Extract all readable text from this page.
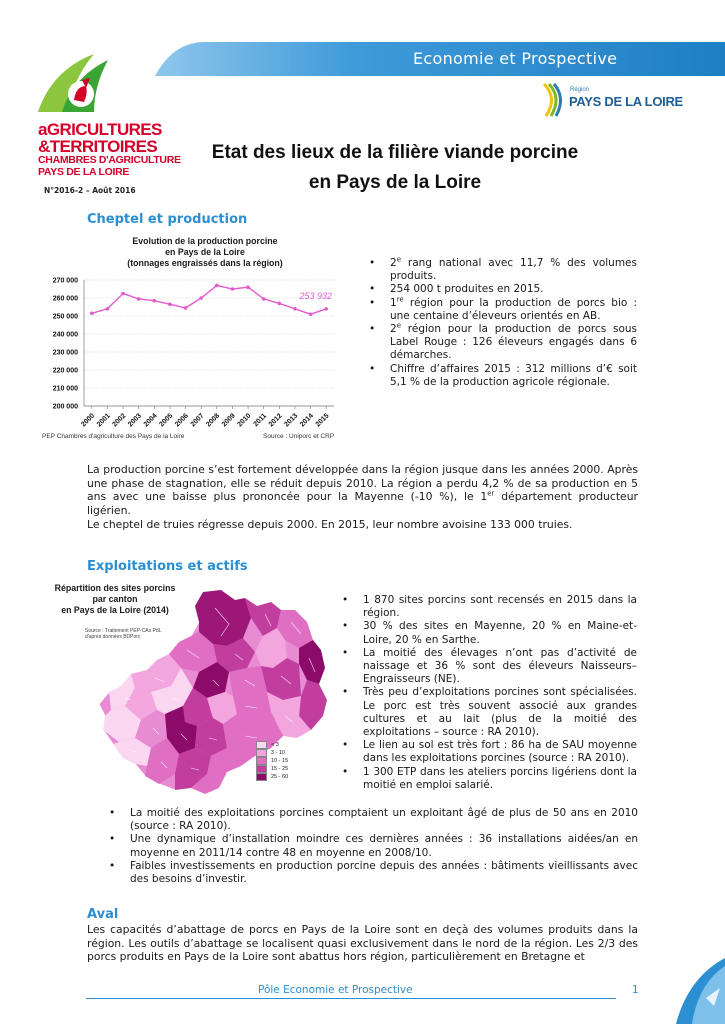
Economie et Prospective
aGRICULTURES
&TERRITOIRES
CHAMBRES D'AGRICULTURE
PAYS DE LA LOIRE
N°2016-2 – Août 2016
Région
PAYS DE LA LOIRE
Etat des lieux de la filière viande porcine
en Pays de la Loire
Cheptel et production
Evolution de la production porcine
en Pays de la Loire
(tonnages engraissés dans la région)
270 000
260 000
250 000
240 000
230 000
220 000
210 000
200 000
2000 2001 2002 2003 2004 2005 2006 2007 2008 2009 2010 2011 2012 2013 2014 2015
253 932
PEP Chambres d'agriculture des Pays de la Loire	Source : Uniporc et CRP
• 2e rang national avec 11,7 % des volumes produits.
• 254 000 t produites en 2015.
• 1re région pour la production de porcs bio : une centaine d’éleveurs orientés en AB.
• 2e région pour la production de porcs sous Label Rouge : 126 éleveurs engagés dans 6 démarches.
• Chiffre d’affaires 2015 : 312 millions d’€ soit 5,1 % de la production agricole régionale.
La production porcine s’est fortement développée dans la région jusque dans les années 2000. Après une phase de stagnation, elle se réduit depuis 2010. La région a perdu 4,2 % de sa production en 5 ans avec une baisse plus prononcée pour la Mayenne (-10 %), le 1er département producteur ligérien.
Le cheptel de truies régresse depuis 2000. En 2015, leur nombre avoisine 133 000 truies.
Exploitations et actifs
Répartition des sites porcins
par canton
en Pays de la Loire (2014)
Source : Traitement PEP-CAs PdL
d'après données BDPorc
< 3
3 - 10
10 - 15
15 - 25
25 - 60
• 1 870 sites porcins sont recensés en 2015 dans la région.
• 30 % des sites en Mayenne, 20 % en Maine-et-Loire, 20 % en Sarthe.
• La moitié des élevages n’ont pas d’activité de naissage et 36 % sont des éleveurs Naisseurs–Engraisseurs (NE).
• Très peu d’exploitations porcines sont spécialisées. Le porc est très souvent associé aux grandes cultures et au lait (plus de la moitié des exploitations – source : RA 2010).
• Le lien au sol est très fort : 86 ha de SAU moyenne dans les exploitations porcines (source : RA 2010).
• 1 300 ETP dans les ateliers porcins ligériens dont la moitié en emploi salarié.
• La moitié des exploitations porcines comptaient un exploitant âgé de plus de 50 ans en 2010 (source : RA 2010).
• Une dynamique d’installation moindre ces dernières années : 36 installations aidées/an en moyenne en 2011/14 contre 48 en moyenne en 2008/10.
• Faibles investissements en production porcine depuis des années : bâtiments vieillissants avec des besoins d’investir.
Aval
Les capacités d’abattage de porcs en Pays de la Loire sont en deçà des volumes produits dans la région. Les outils d’abattage se localisent quasi exclusivement dans le nord de la région. Les 2/3 des porcs produits en Pays de la Loire sont abattus hors région, particulièrement en Bretagne et
Pôle Economie et Prospective	1
